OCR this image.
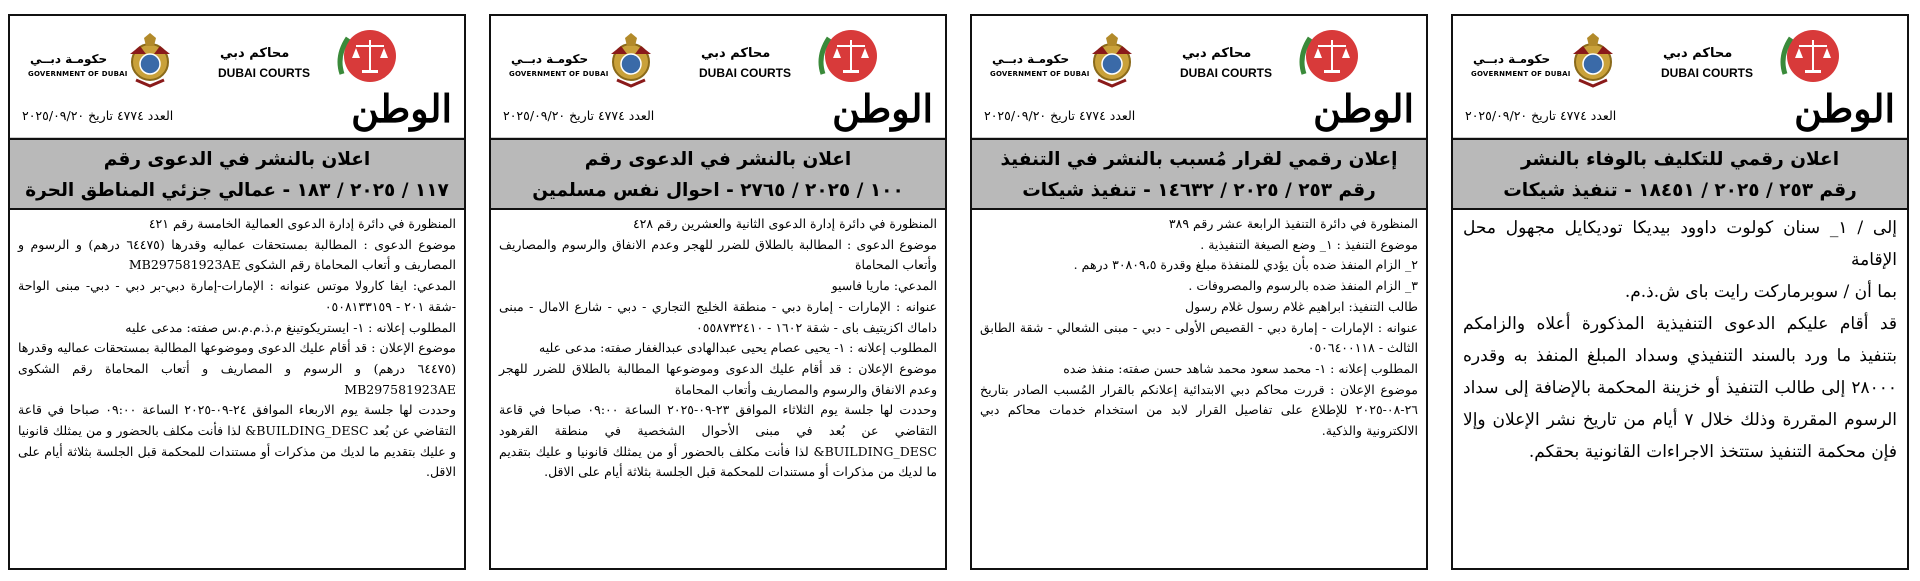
حكومـة دبــي
GOVERNMENT OF DUBAI
محاكم دبي
DUBAI COURTS
العدد ٤٧٧٤ تاريخ ٢٠٢٥/٠٩/٢٠	الوطن
اعلان بالنشر في الدعوى رقم
١١٧ / ٢٠٢٥ / ١٨٣ - عمالي جزئي المناطق الحرة

المنظورة في دائرة إدارة الدعوى العمالية الخامسة رقم ٤٢١

موضوع الدعوى : المطالبة بمستحقات عماليه وقدرها (٦٤٤٧٥ درهم) و الرسوم و المصاريف و أتعاب المحاماة رقم الشكوى MB297581923AE

المدعي: ايفا كارولا موتس عنوانه : الإمارات-إمارة دبي-بر دبي - دبي- مبنى الواحة -شقة ٢٠١ - ٠٥٠٨١٣٣١٥٩

المطلوب إعلانه : ١- ايستريكوتينغ م.ذ.م.م.س صفته: مدعى عليه

موضوع الإعلان : قد أقام عليك الدعوى وموضوعها المطالبة بمستحقات عماليه وقدرها (٦٤٤٧٥ درهم) و الرسوم و المصاريف و أتعاب المحاماة رقم الشكوى MB297581923AE

وحددت لها جلسة يوم الاربعاء الموافق ٢٤-٠٩-٢٠٢٥ الساعة ٠٩:٠٠ صباحا في قاعة التقاضي عن بُعد BUILDING_DESC& لذا فأنت مكلف بالحضور و من يمثلك قانونيا و عليك بتقديم ما لديك من مذكرات أو مستندات للمحكمة قبل الجلسة بثلاثة أيام على الاقل.

حكومـة دبــي
GOVERNMENT OF DUBAI
محاكم دبي
DUBAI COURTS
العدد ٤٧٧٤ تاريخ ٢٠٢٥/٠٩/٢٠	الوطن
اعلان بالنشر في الدعوى رقم
١٠٠ / ٢٠٢٥ / ٢٧٦٥ - احوال نفس مسلمين

المنظورة في دائرة إدارة الدعوى الثانية والعشرين رقم ٤٢٨

موضوع الدعوى : المطالبة بالطلاق للضرر للهجر وعدم الانفاق والرسوم والمصاريف وأتعاب المحاماة

المدعي: ماريا فاسيو

عنوانه : الإمارات - إمارة دبي - منطقة الخليج التجاري - دبي - شارع الامال - مبنى داماك اكزيتيف باى - شقة ١٦٠٢ - ٠٥٥٨٧٣٢٤١٠

المطلوب إعلانه : ١- يحيى عصام يحيى عبدالهادى عبدالغفار صفته: مدعى عليه

موضوع الإعلان : قد أقام عليك الدعوى وموضوعها المطالبة بالطلاق للضرر للهجر وعدم الانفاق والرسوم والمصاريف وأتعاب المحاماة

وحددت لها جلسة يوم الثلاثاء الموافق ٢٣-٠٩-٢٠٢٥ الساعة ٠٩:٠٠ صباحا في قاعة التقاضي عن بُعد في مبنى الأحوال الشخصية في منطقة القرهود BUILDING_DESC& لذا فأنت مكلف بالحضور أو من يمثلك قانونيا و عليك بتقديم ما لديك من مذكرات أو مستندات للمحكمة قبل الجلسة بثلاثة أيام على الاقل.

حكومـة دبــي
GOVERNMENT OF DUBAI
محاكم دبي
DUBAI COURTS
العدد ٤٧٧٤ تاريخ ٢٠٢٥/٠٩/٢٠	الوطن
إعلان رقمي لقرار مُسبب بالنشر في التنفيذ
رقم ٢٥٣ / ٢٠٢٥ / ١٤٦٣٢ - تنفيذ شيكات

المنظورة في دائرة التنفيذ الرابعة عشر رقم ٣٨٩

موضوع التنفيذ : ١_ وضع الصيغة التنفيذية .

٢_ الزام المنفذ ضده بأن يؤدي للمنفذة مبلغ وقدرة ٣٠٨٠٩،٥ درهم .

٣_ الزام المنفذ ضده بالرسوم والمصروفات .

طالب التنفيذ: ابراهيم غلام رسول غلام رسول

عنوانه : الإمارات - إمارة دبي - القصيص الأولى - دبي - مبنى الشعالي - شقة الطابق الثالث - ٠٥٠٦٤٠٠١١٨

المطلوب إعلانه : ١- محمد سعود محمد شاهد حسن صفته: منفذ ضده

موضوع الإعلان : قررت محاكم دبي الابتدائية إعلانكم بالقرار المُسبب الصادر بتاريخ ٢٦-٠٨-٢٠٢٥ للإطلاع على تفاصيل القرار لابد من استخدام خدمات محاكم دبي الالكترونية والذكية.

حكومـة دبــي
GOVERNMENT OF DUBAI
محاكم دبي
DUBAI COURTS
العدد ٤٧٧٤ تاريخ ٢٠٢٥/٠٩/٢٠	الوطن
اعلان رقمي للتكليف بالوفاء بالنشر
رقم ٢٥٣ / ٢٠٢٥ / ١٨٤٥١ - تنفيذ شيكات

إلى / ١_ سنان كولوت داوود بيديكا توديكايل مجهول محل الإقامة

بما أن / سوبرماركت رايت باى ش.ذ.م.

قد أقام عليكم الدعوى التنفيذية المذكورة أعلاه والزامكم بتنفيذ ما ورد بالسند التنفيذي وسداد المبلغ المنفذ به وقدره ٢٨٠٠٠ إلى طالب التنفيذ أو خزينة المحكمة بالإضافة إلى سداد الرسوم المقررة وذلك خلال ٧ أيام من تاريخ نشر الإعلان وإلا فإن محكمة التنفيذ ستتخذ الاجراءات القانونية بحقكم.
